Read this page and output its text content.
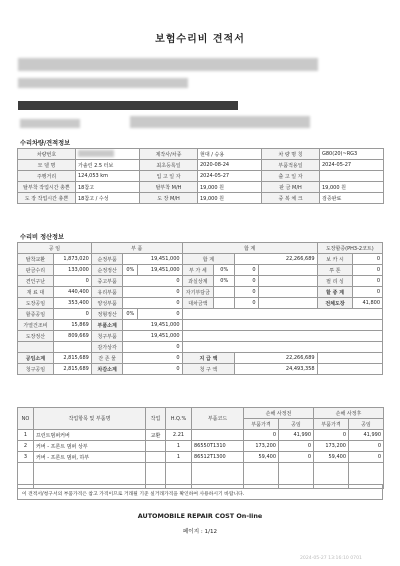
보험수리비 견적서
수리차량/견적정보
차량번호		제작사/차종	현대 / 승용	차 량 명 칭	G80(20)~RG3
모 델 명	가솔린 2.5 터보	최초등록일	2020-08-24	부품적용일	2024-05-27
주행거리	124,053 km	입 고 일 자	2024-05-27	출 고 일 자	
탈부착 작업시간 총쁜	18참고	탈부착 M/H	19,000 원	판 금 M/H	19,000 원
도 장 작업시간 총쁜	18참고 / 수성	도 장 M/H	19,000 원	중 복 체 크	검증완료
수리비 정산정보
공 임		부 품			합 계				도장할증(PH3-2코트)	
탈착교환	1,873,020	순정부품	19,451,000		합 계		22,266,689		보 카 시	0
판금수리	133,000	순정정산	0%	19,451,000	부 가 세	0%	0		투 톤	0
견인구난	0	중고부품	0		과실상계	0%	0		펄 리 싱	0
재 료 대	440,400	유리부품	0		자기부담금		0		할 증 계	0
도장공임	353,400	양성부품	0		대차금액		0		전체도장	41,800
할증공임	0	정형정산	0%	0						
가열건조비	15,869	부품소계	19,451,000							
도장정산	809,669	청구부품	19,451,000							
		감가상각	0							
공임소계	2,815,689	잔 존 물	0		지 급 액		22,266,689			
청구공임	2,815,689	차감소계	0		청 구 액		24,493,358			
NO	작업항목 및 부품명	작업	H.Q.%	부품코드	손해 사정전		손해 사정후	
					부품가격	공임	부품가격	공임
1	프런트범퍼커버	교환	2.21		0	41,990	0	41,990
2	커버 - 프론트 범퍼 상부		1	86550T1310	173,200	0	173,200	0
3	커버 - 프론트 범퍼, 하부		1	86512T1300	59,400	0	59,400	0

이 견적서/청구서의 부품가격은 참고 가격이므로 거래될 기준 실거래가격을 확인하여 사용하시기 바랍니다.
AUTOMOBILE REPAIR COST On-line
페이지 : 1/12
2024-05-27 13:16:10 0701
